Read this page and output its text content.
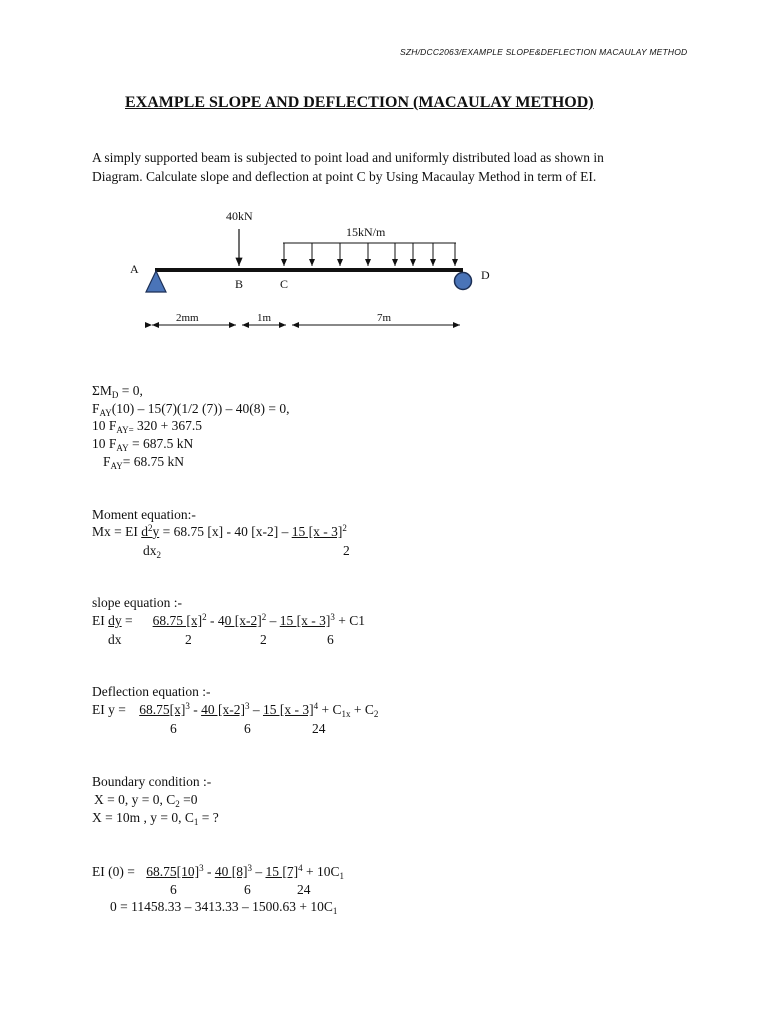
SZH/DCC2063/EXAMPLE SLOPE&DEFLECTION MACAULAY METHOD
EXAMPLE SLOPE AND DEFLECTION (MACAULAY METHOD)
A simply supported beam is subjected to point load and uniformly distributed load as shown in
Diagram. Calculate slope and deflection at point C by Using Macaulay Method in term of EI.
40kN
15kN/m
A
B	C
D
2mm	1m	7m
$\Sigma M_D = 0$,
$F_{AY}(10) - 15(7)(1/2$ (7)) – 40(8) = 0,
10 $F_{AY=}$ 320 + 367.5
10 $F_{AY} = 687.5$ kN
$F_{AY}= 68.75$ kN
Moment equation:-
Mx = EI $d^2y = 68.75$ [x] - 40 [x-2] – 15 [x - 3]$^2$
$dx_2$	2
slope equation :-
EI dy = 68.75 $[x]^2 - 40$ $[x-2]^2 - 15$ [x - 3]$^3$ + C1
dx	2	2	6
Deflection equation :-
EI $y = 68.75[x]^3 - 40$ $[x-2]^3 - 15$ $[x - 3]^4 + C_{1x} + C_2$
6	6	24
Boundary condition :-
X = 0, y = 0, $C_2 =0$
X = 10m , y = 0, $C_1$ = ?
EI $(0) = 68.75[10]^3 - 40$ $[8]^3 - 15$ $[7]^4 + 10C_1$
6	6	24
$0 = 11458.33 - 3413.33 - 1500.63 + 10C_1$
